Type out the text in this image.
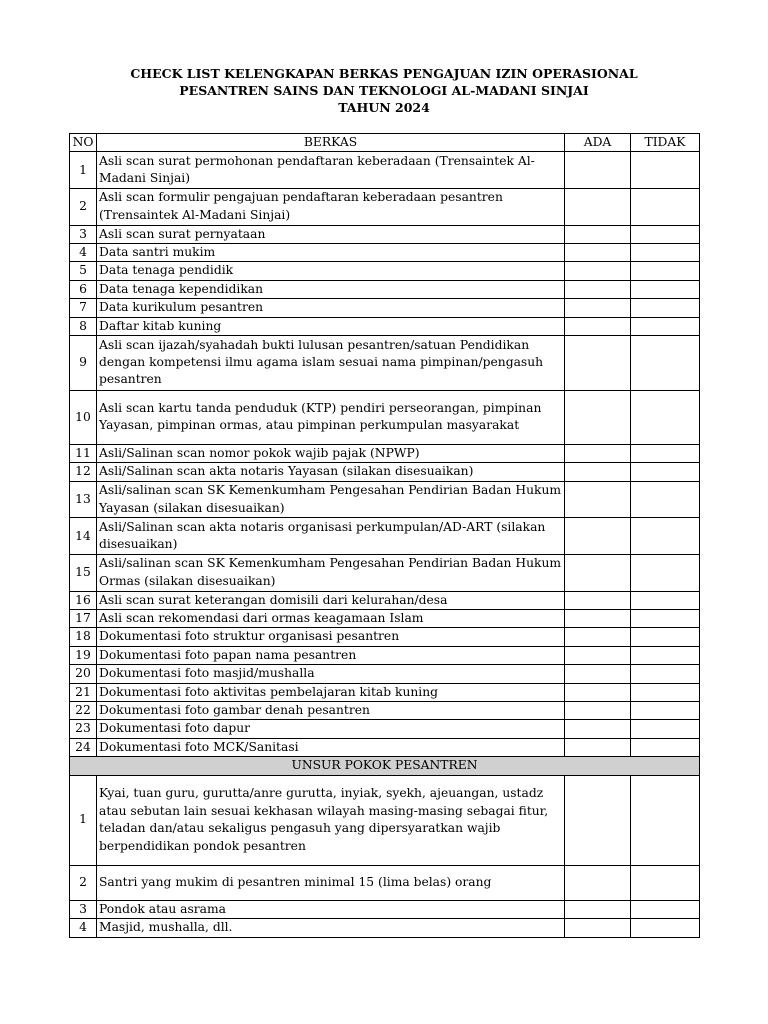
CHECK LIST KELENGKAPAN BERKAS PENGAJUAN IZIN OPERASIONAL
PESANTREN SAINS DAN TEKNOLOGI AL-MADANI SINJAI
TAHUN 2024
NO	BERKAS	ADA	TIDAK
1	Asli scan surat permohonan pendaftaran keberadaan (Trensaintek Al-Madani Sinjai)		
2	Asli scan formulir pengajuan pendaftaran keberadaan pesantren (Trensaintek Al-Madani Sinjai)		
3	Asli scan surat pernyataan		
4	Data santri mukim		
5	Data tenaga pendidik		
6	Data tenaga kependidikan		
7	Data kurikulum pesantren		
8	Daftar kitab kuning		
9	Asli scan ijazah/syahadah bukti lulusan pesantren/satuan Pendidikan dengan kompetensi ilmu agama islam sesuai nama pimpinan/pengasuh pesantren		
10	Asli scan kartu tanda penduduk (KTP) pendiri perseorangan, pimpinan Yayasan, pimpinan ormas, atau pimpinan perkumpulan masyarakat		
11	Asli/Salinan scan nomor pokok wajib pajak (NPWP)		
12	Asli/Salinan scan akta notaris Yayasan (silakan disesuaikan)		
13	Asli/salinan scan SK Kemenkumham Pengesahan Pendirian Badan Hukum Yayasan (silakan disesuaikan)		
14	Asli/Salinan scan akta notaris organisasi perkumpulan/AD-ART (silakan disesuaikan)		
15	Asli/salinan scan SK Kemenkumham Pengesahan Pendirian Badan Hukum Ormas (silakan disesuaikan)		
16	Asli scan surat keterangan domisili dari kelurahan/desa		
17	Asli scan rekomendasi dari ormas keagamaan Islam		
18	Dokumentasi foto struktur organisasi pesantren		
19	Dokumentasi foto papan nama pesantren		
20	Dokumentasi foto masjid/mushalla		
21	Dokumentasi foto aktivitas pembelajaran kitab kuning		
22	Dokumentasi foto gambar denah pesantren		
23	Dokumentasi foto dapur		
24	Dokumentasi foto MCK/Sanitasi		
UNSUR POKOK PESANTREN			
1	Kyai, tuan guru, gurutta/anre gurutta, inyiak, syekh, ajeuangan, ustadz atau sebutan lain sesuai kekhasan wilayah masing-masing sebagai fitur, teladan dan/atau sekaligus pengasuh yang dipersyaratkan wajib berpendidikan pondok pesantren		
2	Santri yang mukim di pesantren minimal 15 (lima belas) orang		
3	Pondok atau asrama		
4	Masjid, mushalla, dll.		
